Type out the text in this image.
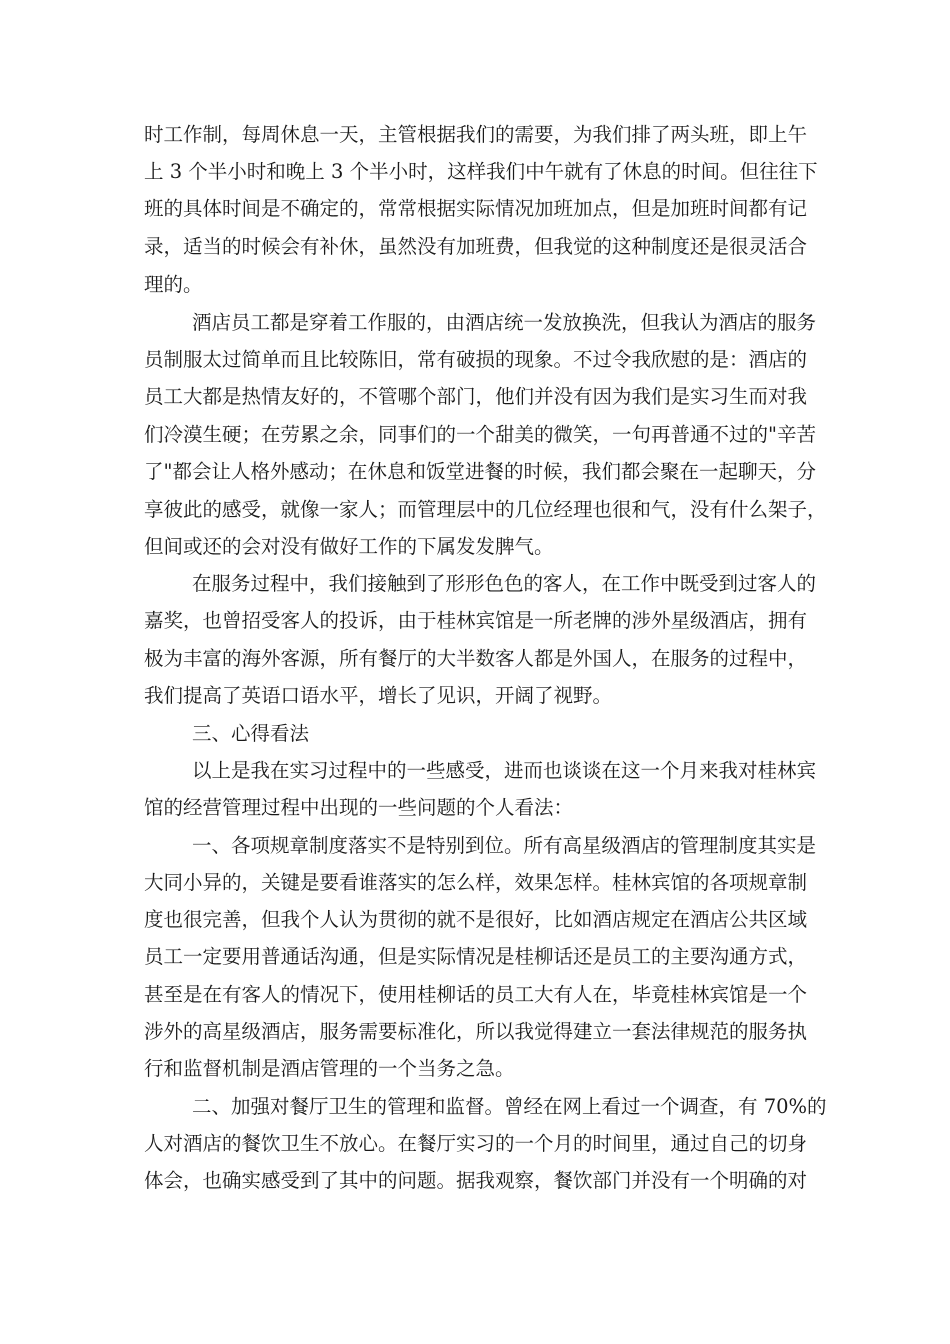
时工作制，每周休息一天，主管根据我们的需要，为我们排了两头班，即上午
上 3 个半小时和晚上 3 个半小时，这样我们中午就有了休息的时间。但往往下
班的具体时间是不确定的，常常根据实际情况加班加点，但是加班时间都有记
录，适当的时候会有补休，虽然没有加班费，但我觉的这种制度还是很灵活合
理的。
酒店员工都是穿着工作服的，由酒店统一发放换洗，但我认为酒店的服务
员制服太过简单而且比较陈旧，常有破损的现象。不过令我欣慰的是：酒店的
员工大都是热情友好的，不管哪个部门，他们并没有因为我们是实习生而对我
们冷漠生硬；在劳累之余，同事们的一个甜美的微笑，一句再普通不过的"辛苦
了"都会让人格外感动；在休息和饭堂进餐的时候，我们都会聚在一起聊天，分
享彼此的感受，就像一家人；而管理层中的几位经理也很和气，没有什么架子，
但间或还的会对没有做好工作的下属发发脾气。
在服务过程中，我们接触到了形形色色的客人，在工作中既受到过客人的
嘉奖，也曾招受客人的投诉，由于桂林宾馆是一所老牌的涉外星级酒店，拥有
极为丰富的海外客源，所有餐厅的大半数客人都是外国人，在服务的过程中，
我们提高了英语口语水平，增长了见识，开阔了视野。
三、心得看法
以上是我在实习过程中的一些感受，进而也谈谈在这一个月来我对桂林宾
馆的经营管理过程中出现的一些问题的个人看法：
一、各项规章制度落实不是特别到位。所有高星级酒店的管理制度其实是
大同小异的，关键是要看谁落实的怎么样，效果怎样。桂林宾馆的各项规章制
度也很完善，但我个人认为贯彻的就不是很好，比如酒店规定在酒店公共区域
员工一定要用普通话沟通，但是实际情况是桂柳话还是员工的主要沟通方式，
甚至是在有客人的情况下，使用桂柳话的员工大有人在，毕竟桂林宾馆是一个
涉外的高星级酒店，服务需要标准化，所以我觉得建立一套法律规范的服务执
行和监督机制是酒店管理的一个当务之急。
二、加强对餐厅卫生的管理和监督。曾经在网上看过一个调查，有 70%的
人对酒店的餐饮卫生不放心。在餐厅实习的一个月的时间里，通过自己的切身
体会，也确实感受到了其中的问题。据我观察，餐饮部门并没有一个明确的对
